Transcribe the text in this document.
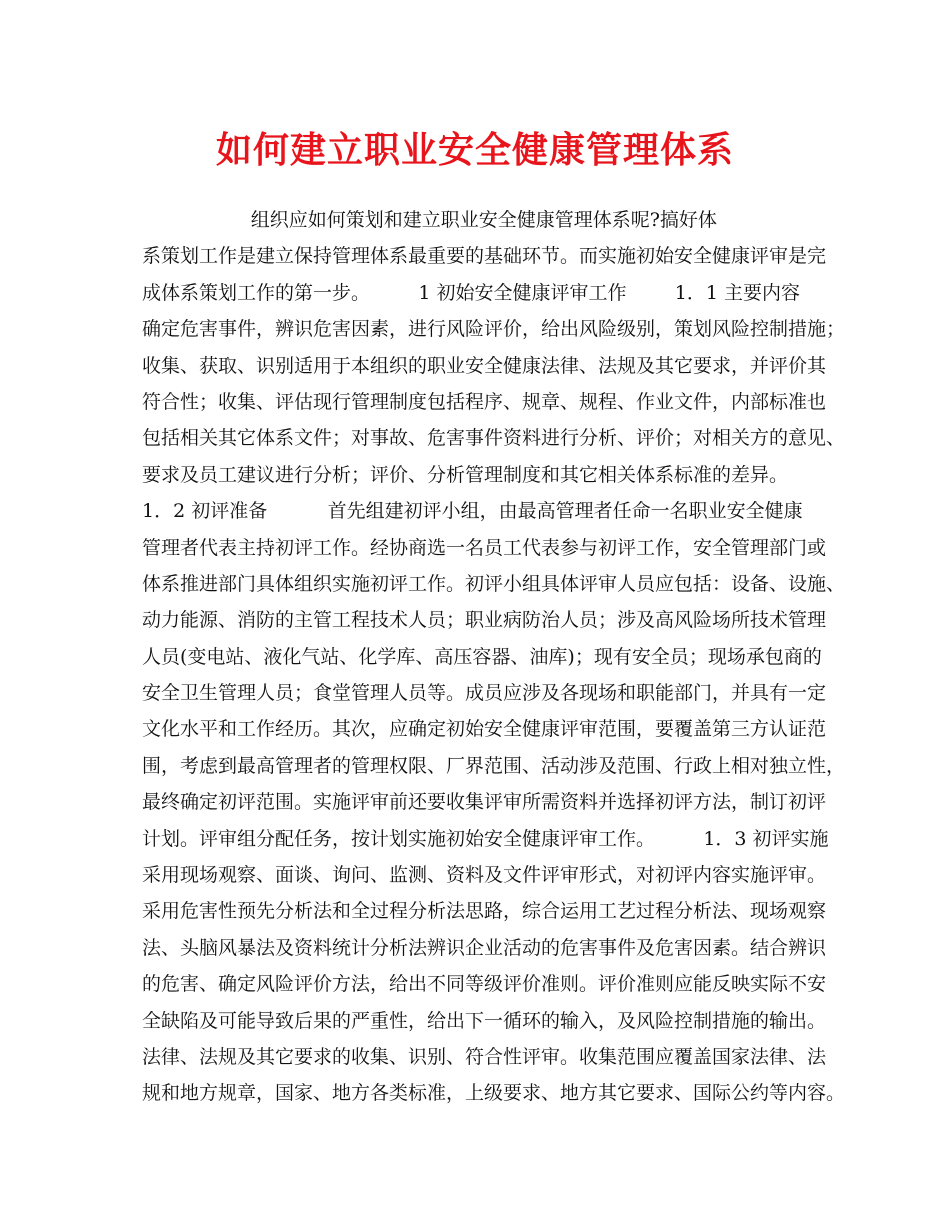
如何建立职业安全健康管理体系
组织应如何策划和建立职业安全健康管理体系呢?搞好体
系策划工作是建立保持管理体系最重要的基础环节。而实施初始安全健康评审是完
成体系策划工作的第一步。        1 初始安全健康评审工作        1．1 主要内容
确定危害事件，辨识危害因素，进行风险评价，给出风险级别，策划风险控制措施；
收集、获取、识别适用于本组织的职业安全健康法律、法规及其它要求，并评价其
符合性；收集、评估现行管理制度包括程序、规章、规程、作业文件，内部标准也
包括相关其它体系文件；对事故、危害事件资料进行分析、评价；对相关方的意见、
要求及员工建议进行分析；评价、分析管理制度和其它相关体系标准的差异。
1．2 初评准备          首先组建初评小组，由最高管理者任命一名职业安全健康
管理者代表主持初评工作。经协商选一名员工代表参与初评工作，安全管理部门或
体系推进部门具体组织实施初评工作。初评小组具体评审人员应包括：设备、设施、
动力能源、消防的主管工程技术人员；职业病防治人员；涉及高风险场所技术管理
人员(变电站、液化气站、化学库、高压容器、油库)；现有安全员；现场承包商的
安全卫生管理人员；食堂管理人员等。成员应涉及各现场和职能部门，并具有一定
文化水平和工作经历。其次，应确定初始安全健康评审范围，要覆盖第三方认证范
围，考虑到最高管理者的管理权限、厂界范围、活动涉及范围、行政上相对独立性，
最终确定初评范围。实施评审前还要收集评审所需资料并选择初评方法，制订初评
计划。评审组分配任务，按计划实施初始安全健康评审工作。        1．3 初评实施
采用现场观察、面谈、询问、监测、资料及文件评审形式，对初评内容实施评审。
采用危害性预先分析法和全过程分析法思路，综合运用工艺过程分析法、现场观察
法、头脑风暴法及资料统计分析法辨识企业活动的危害事件及危害因素。结合辨识
的危害、确定风险评价方法，给出不同等级评价准则。评价准则应能反映实际不安
全缺陷及可能导致后果的严重性，给出下一循环的输入，及风险控制措施的输出。
法律、法规及其它要求的收集、识别、符合性评审。收集范围应覆盖国家法律、法
规和地方规章，国家、地方各类标准，上级要求、地方其它要求、国际公约等内容。
